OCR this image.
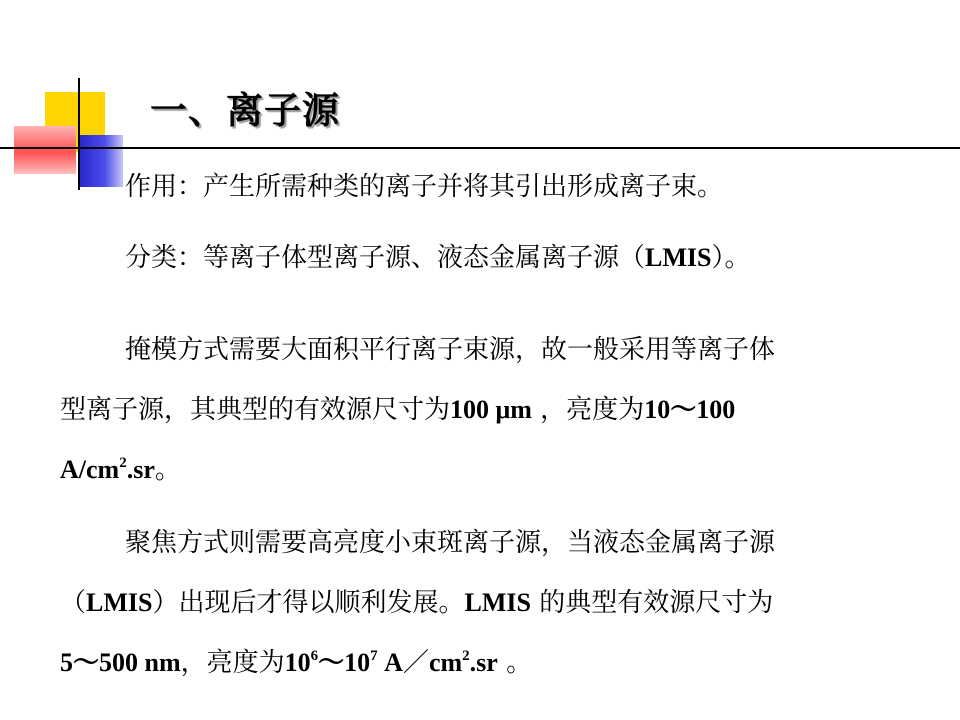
一、离子源
作用：产生所需种类的离子并将其引出形成离子束。
分类：等离子体型离子源、液态金属离子源（LMIS）。
掩模方式需要大面积平行离子束源，故一般采用等离子体
型离子源，其典型的有效源尺寸为100 μm ，亮度为10～100
$A/cm^2.sr$。
聚焦方式则需要高亮度小束斑离子源，当液态金属离子源
（LMIS）出现后才得以顺利发展。LMIS 的典型有效源尺寸为
5～500 nm，亮度为$10^6\sim 10^7$ $A/cm^2.sr$ 。
